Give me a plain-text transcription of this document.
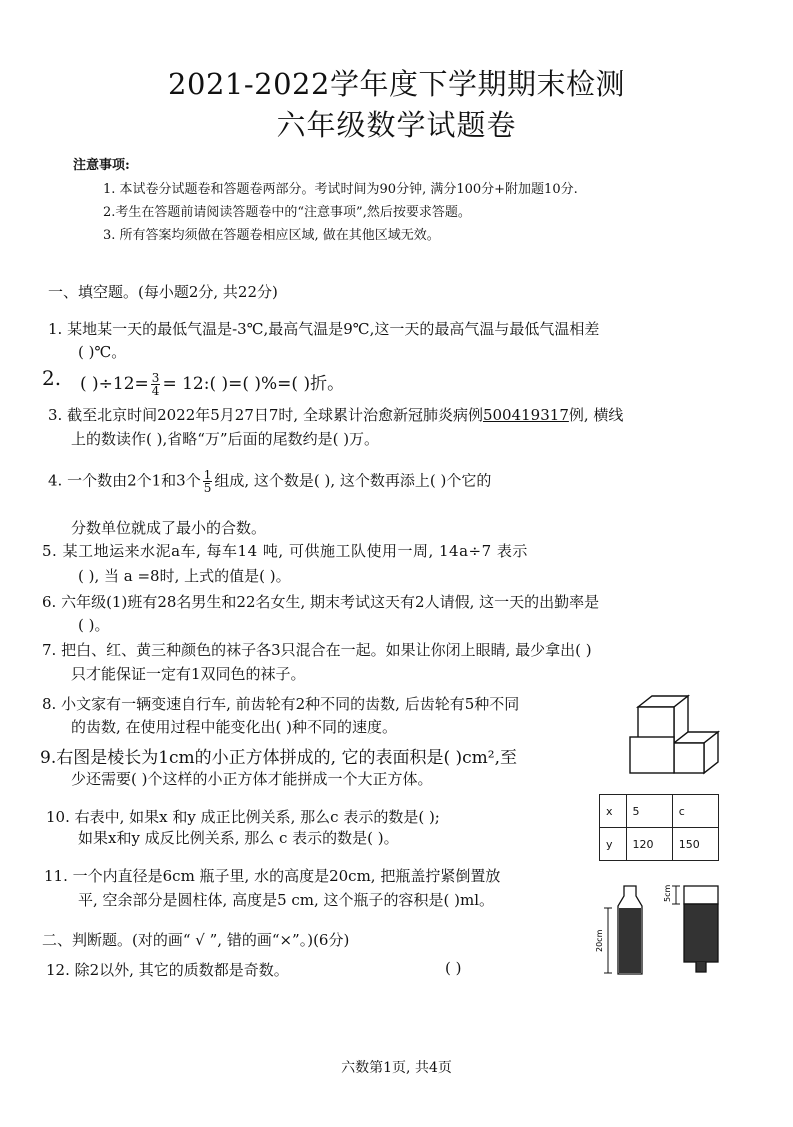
2021-2022学年度下学期期末检测
六年级数学试题卷
注意事项:
1. 本试卷分试题卷和答题卷两部分。考试时间为90分钟, 满分100分+附加题10分.
2.考生在答题前请阅读答题卷中的“注意事项”,然后按要求答题。
3. 所有答案均须做在答题卷相应区域, 做在其他区域无效。
一、填空题。(每小题2分, 共22分)
1. 某地某一天的最低气温是-3℃,最高气温是9℃,这一天的最高气温与最低气温相差
( )℃。
2. ( )$\div 12= \frac{3}{4}$ = 12:( )=( )%=( )折。
3. 截至北京时间2022年5月27日7时, 全球累计治愈新冠肺炎病例500419317例, 横线
上的数读作( ),省略“万”后面的尾数约是( )万。
4. 一个数由2个1和3个 $\frac{1}{5}$ 组成, 这个数是( ), 这个数再添上( )个它的
分数单位就成了最小的合数。
5. 某工地运来水泥a车, 每车14 吨, 可供施工队使用一周, 14a÷7 表示
( ), 当 a =8时, 上式的值是( )。
6. 六年级(1)班有28名男生和22名女生, 期末考试这天有2人请假, 这一天的出勤率是
( )。
7. 把白、红、黄三种颜色的袜子各3只混合在一起。如果让你闭上眼睛, 最少拿出( )
只才能保证一定有1双同色的袜子。
8. 小文家有一辆变速自行车, 前齿轮有2种不同的齿数, 后齿轮有5种不同
的齿数, 在使用过程中能变化出( )种不同的速度。
9.右图是棱长为1cm的小正方体拼成的, 它的表面积是( )cm²,至
少还需要( )个这样的小正方体才能拼成一个大正方体。
10. 右表中, 如果x 和y 成正比例关系, 那么c 表示的数是( );
如果x和y 成反比例关系, 那么 c 表示的数是( )。
x	5	c
y	120	150
11. 一个内直径是6cm 瓶子里, 水的高度是20cm, 把瓶盖拧紧倒置放
平, 空余部分是圆柱体, 高度是5 cm, 这个瓶子的容积是( )ml。
20cm
5cm
二、判断题。(对的画“ √ ”, 错的画“×”。)(6分)
12. 除2以外, 其它的质数都是奇数。	( )
六数第1页, 共4页
